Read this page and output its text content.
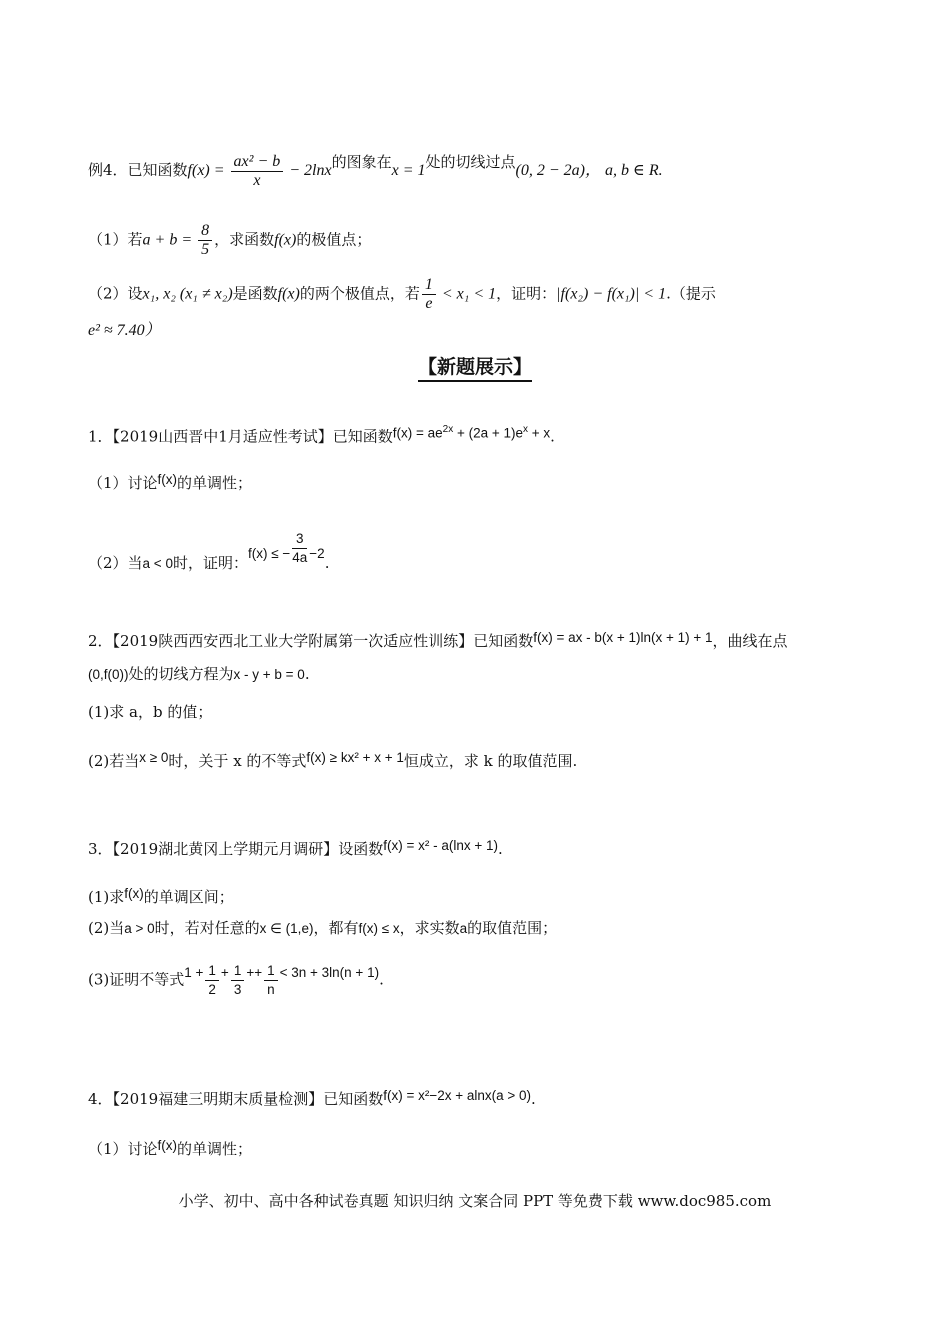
例4．已知函数$f(x) = \frac{\text{ax² − b}}{x} - 2\ln x$的图象在x = 1处的切线过点(0, 2 − 2a)， a, b ∈ R.
（1）若$a + b = \frac{8}{5}$ ，求函数f(x)的极值点；
（2）设x₁, x₂ (x₁ ≠ x₂)是函数f(x)的两个极值点，若 $\frac{1}{e} < x_1 < 1$，证明：|f(x₂) − f(x₁)| < 1.（提示
e² ≈ 7.40）
【新题展示】
1．【2019山西晋中1月适应性考试】已知函数$f(x) = ae^{2x} + (2a + 1)e^x + x$.
（1）讨论f(x)的单调性；
（2）当a < 0时，证明：f(x) ≤ − $\frac{3}{4a} -2$.
2．【2019陕西西安西北工业大学附属第一次适应性训练】已知函数f(x) = ax - b(x + 1)ln(x + 1) + 1，曲线在点
(0,f(0))处的切线方程为x - y + b = 0.
(1)求 a，b 的值；
(2)若当x ≥ 0时，关于 x 的不等式f(x) ≥ kx² + x + 1恒成立，求 k 的取值范围.
3．【2019湖北黄冈上学期元月调研】设函数f(x) = x² - a(lnx + 1).
(1)求f(x)的单调区间；
(2)当a > 0时，若对任意的x ∈ (1,e)，都有f(x) ≤ x，求实数a的取值范围；
(3)证明不等式$1 + \frac{1}{2} + \frac{1}{3} ++ \frac{1}{n} < 3n + 3\ln(n + 1)$.
4．【2019福建三明期末质量检测】已知函数f(x) = x²−2x + alnx(a > 0).
（1）讨论f(x)的单调性；
小学、初中、高中各种试卷真题 知识归纳 文案合同 PPT 等免费下载 www.doc985.com
